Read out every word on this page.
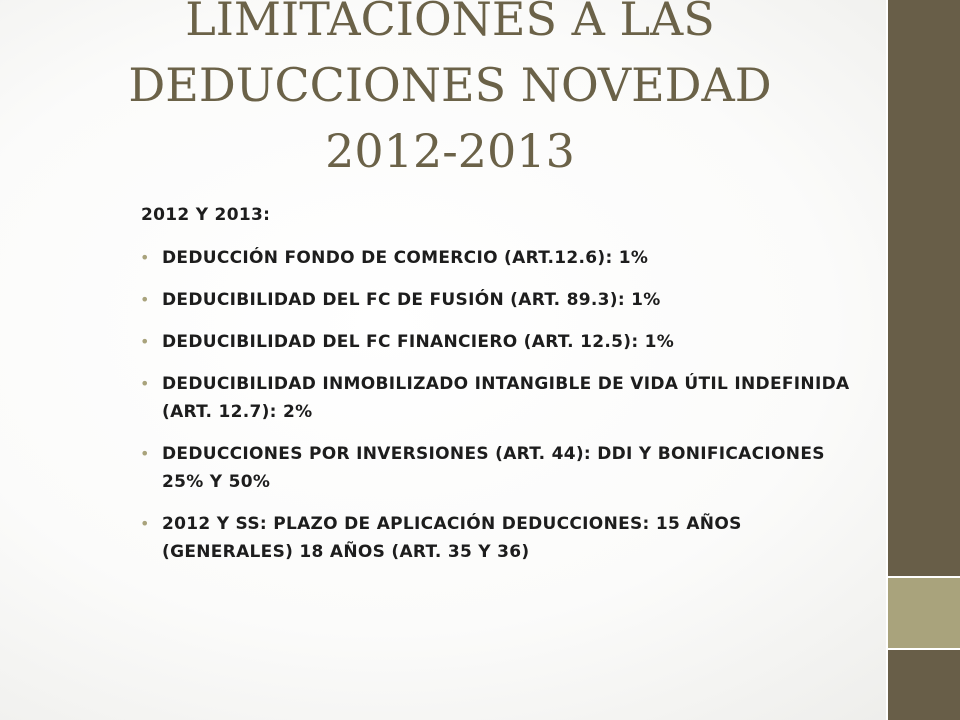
LIMITACIONES A LAS
DEDUCCIONES NOVEDAD
2012-2013
2012 Y 2013:
• DEDUCCIÓN FONDO DE COMERCIO (ART.12.6): 1%
• DEDUCIBILIDAD DEL FC DE FUSIÓN (ART. 89.3): 1%
• DEDUCIBILIDAD DEL FC FINANCIERO (ART. 12.5): 1%
• DEDUCIBILIDAD INMOBILIZADO INTANGIBLE DE VIDA ÚTIL INDEFINIDA (ART. 12.7): 2%
• DEDUCCIONES POR INVERSIONES (ART. 44): DDI Y BONIFICACIONES 25% Y 50%
• 2012 Y SS: PLAZO DE APLICACIÓN DEDUCCIONES: 15 AÑOS (GENERALES) 18 AÑOS (ART. 35 Y 36)
